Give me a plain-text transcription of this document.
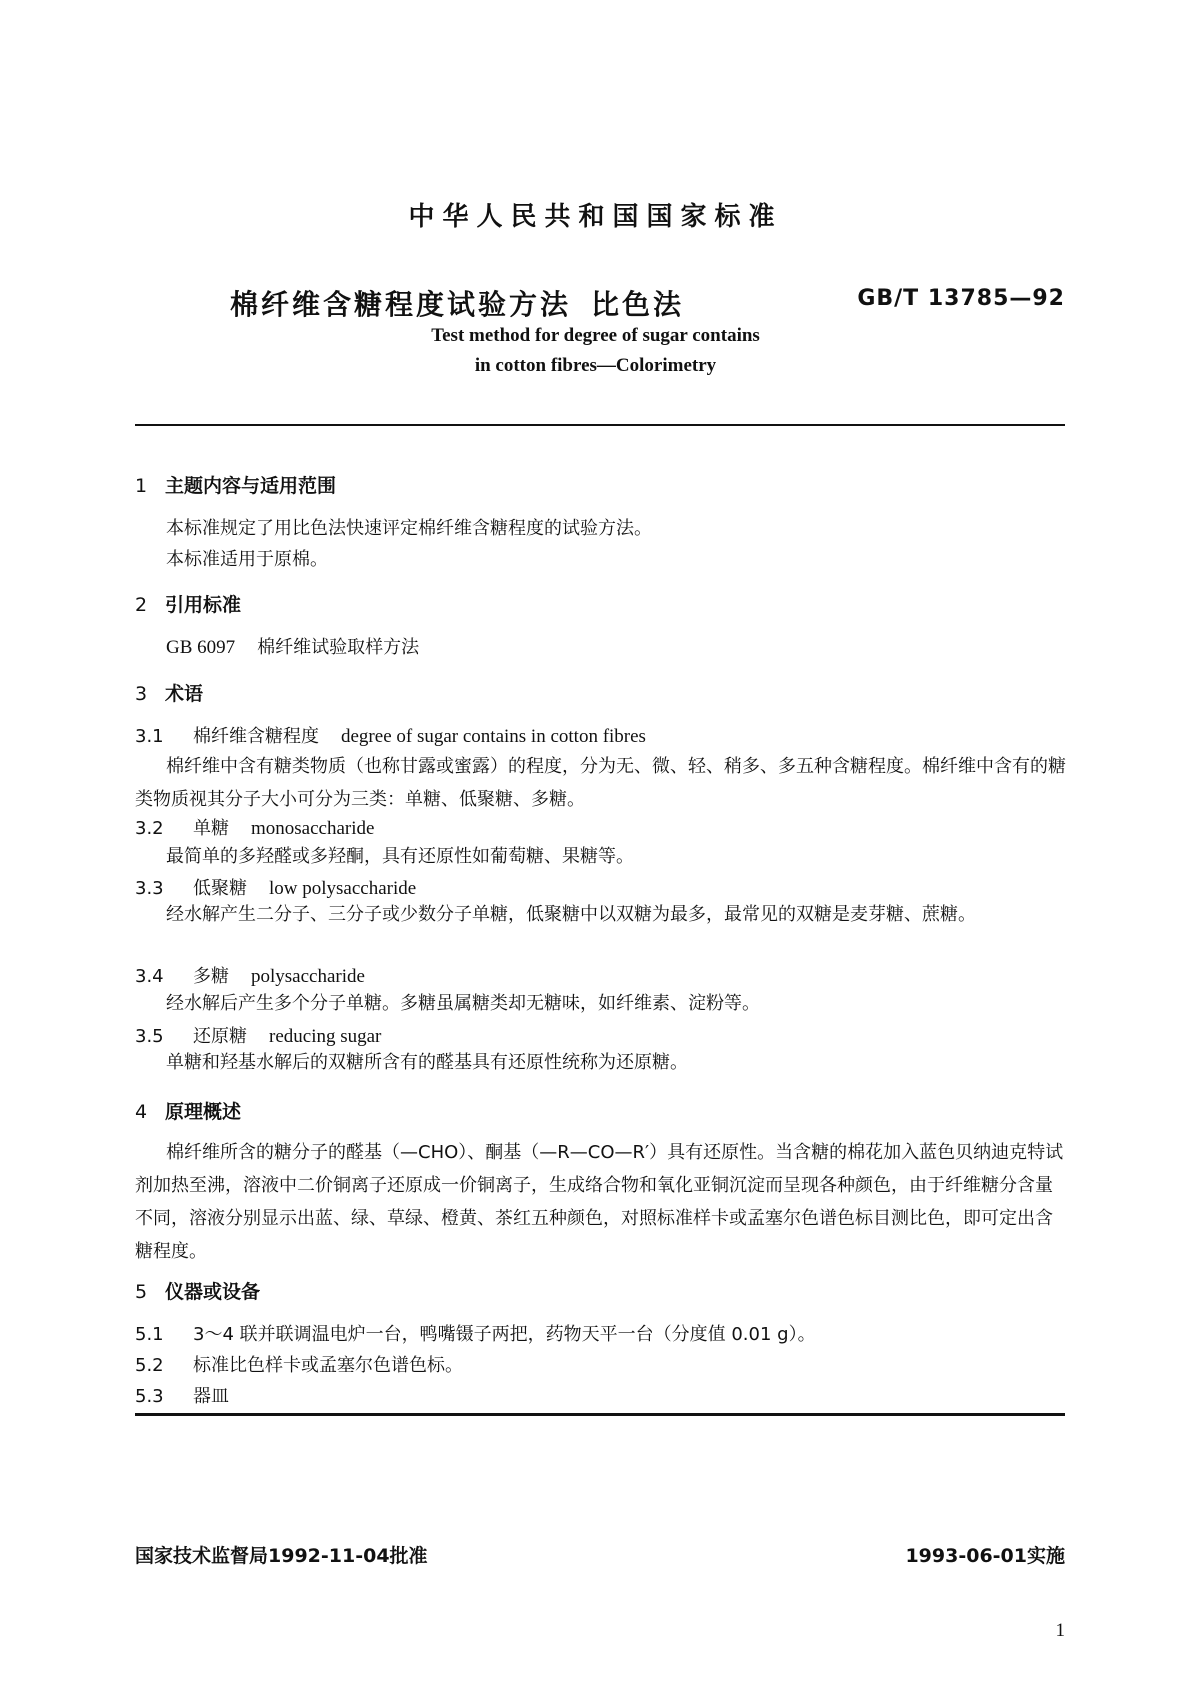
中华人民共和国国家标准
棉纤维含糖程度试验方法 比色法	GB/T 13785—92
Test method for degree of sugar contains
in cotton fibres—Colorimetry
1 主题内容与适用范围
本标准规定了用比色法快速评定棉纤维含糖程度的试验方法。
本标准适用于原棉。
2 引用标准
GB 6097 棉纤维试验取样方法
3 术语
3.1 棉纤维含糖程度 degree of sugar contains in cotton fibres
棉纤维中含有糖类物质（也称甘露或蜜露）的程度，分为无、微、轻、稍多、多五种含糖程度。棉纤维中含有的糖类物质视其分子大小可分为三类：单糖、低聚糖、多糖。
3.2 单糖 monosaccharide
最简单的多羟醛或多羟酮，具有还原性如葡萄糖、果糖等。
3.3 低聚糖 low polysaccharide
经水解产生二分子、三分子或少数分子单糖，低聚糖中以双糖为最多，最常见的双糖是麦芽糖、蔗糖。
3.4 多糖 polysaccharide
经水解后产生多个分子单糖。多糖虽属糖类却无糖味，如纤维素、淀粉等。
3.5 还原糖 reducing sugar
单糖和羟基水解后的双糖所含有的醛基具有还原性统称为还原糖。
4 原理概述
棉纤维所含的糖分子的醛基（—CHO）、酮基（—R—CO—R′）具有还原性。当含糖的棉花加入蓝色贝纳迪克特试剂加热至沸，溶液中二价铜离子还原成一价铜离子，生成络合物和氧化亚铜沉淀而呈现各种颜色，由于纤维糖分含量不同，溶液分别显示出蓝、绿、草绿、橙黄、茶红五种颜色，对照标准样卡或孟塞尔色谱色标目测比色，即可定出含糖程度。
5 仪器或设备
5.1 3～4 联并联调温电炉一台，鸭嘴镊子两把，药物天平一台（分度值 0.01 g）。
5.2 标准比色样卡或孟塞尔色谱色标。
5.3 器皿
国家技术监督局1992-11-04批准	1993-06-01实施
1
